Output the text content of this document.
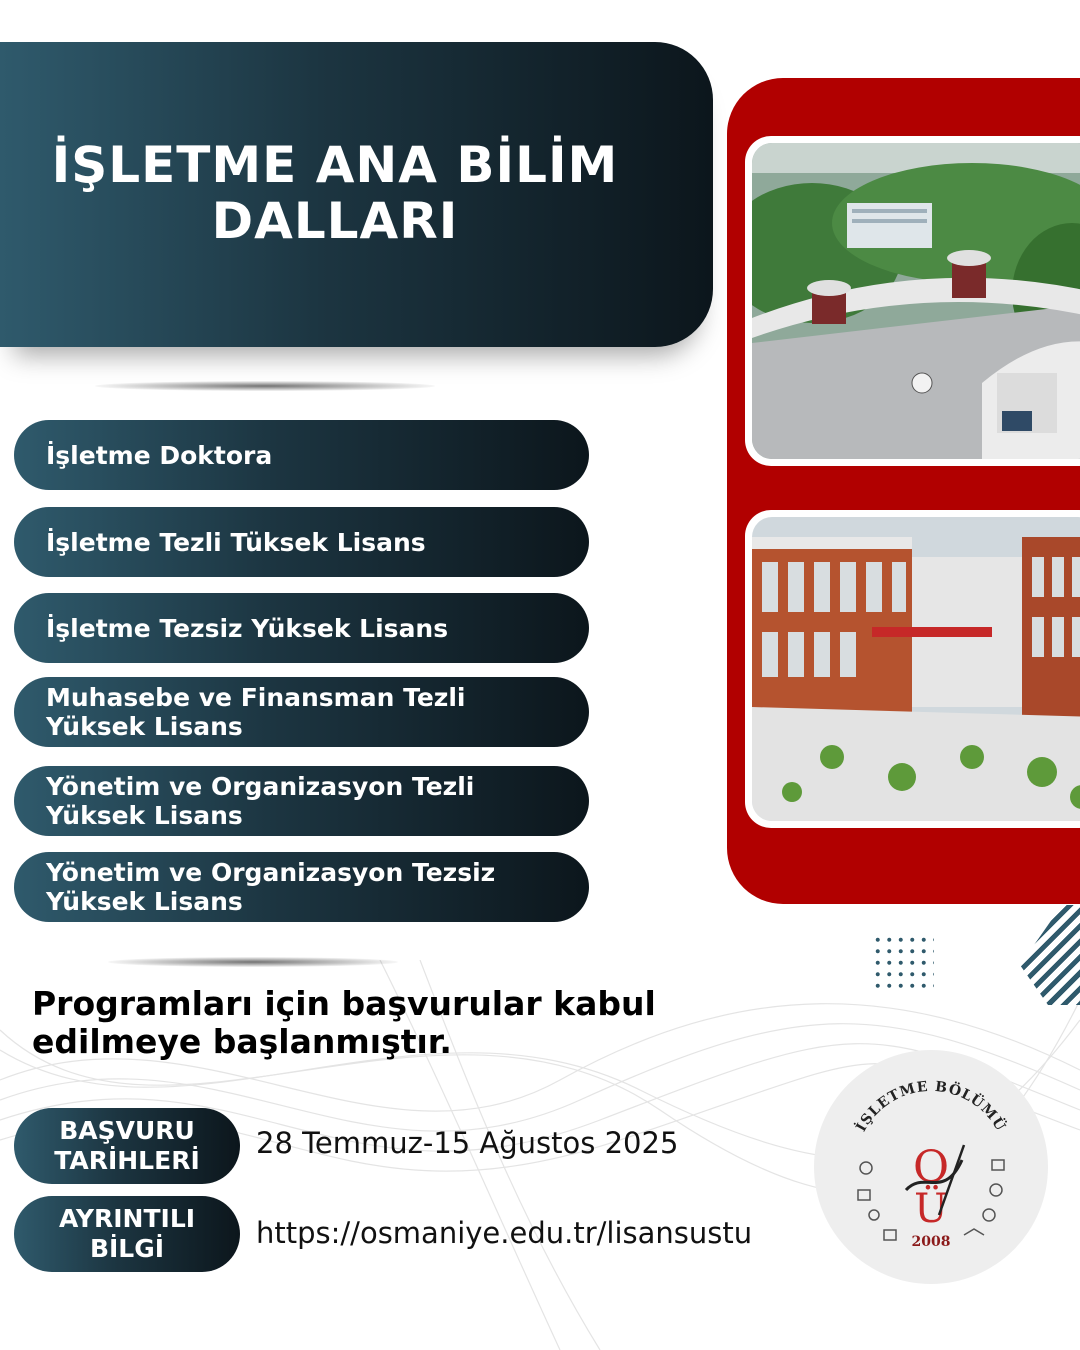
İŞLETME ANA BİLİM DALLARI
İşletme Doktora
İşletme Tezli Tüksek Lisans
İşletme Tezsiz Yüksek Lisans
Muhasebe ve Finansman Tezli Yüksek Lisans
Yönetim ve Organizasyon Tezli Yüksek Lisans
Yönetim ve Organizasyon Tezsiz Yüksek Lisans
Programları için başvurular kabul edilmeye başlanmıştır.
BAŞVURU TARİHLERİ
28 Temmuz-15 Ağustos 2025
AYRINTILI BİLGİ	https://osmaniye.edu.tr/lisansustu
İŞLETME BÖLÜMÜ
O
Ü
2008
